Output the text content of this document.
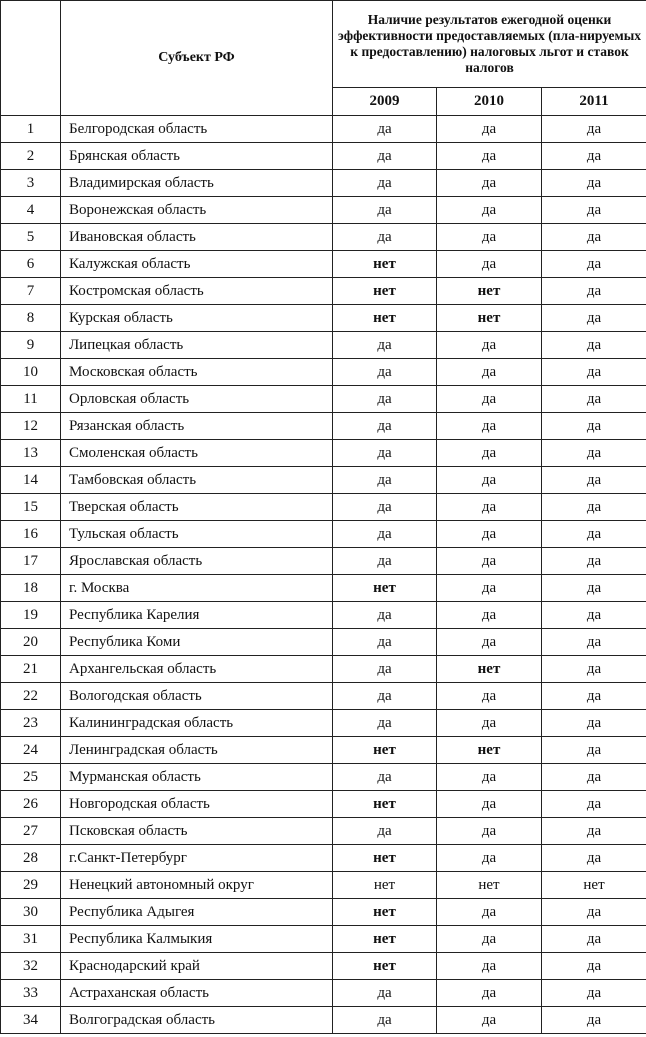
	Субъект РФ	Наличие результатов ежегодной оценки эффективности предоставляемых (пла-нируемых к предоставлению) налоговых льгот и ставок налогов		
		2009	2010	2011
1	Белгородская область	да	да	да
2	Брянская область	да	да	да
3	Владимирская область	да	да	да
4	Воронежская область	да	да	да
5	Ивановская область	да	да	да
6	Калужская область	нет	да	да
7	Костромская область	нет	нет	да
8	Курская область	нет	нет	да
9	Липецкая область	да	да	да
10	Московская область	да	да	да
11	Орловская область	да	да	да
12	Рязанская область	да	да	да
13	Смоленская область	да	да	да
14	Тамбовская область	да	да	да
15	Тверская область	да	да	да
16	Тульская область	да	да	да
17	Ярославская область	да	да	да
18	г. Москва	нет	да	да
19	Республика Карелия	да	да	да
20	Республика Коми	да	да	да
21	Архангельская область	да	нет	да
22	Вологодская область	да	да	да
23	Калининградская область	да	да	да
24	Ленинградская область	нет	нет	да
25	Мурманская область	да	да	да
26	Новгородская область	нет	да	да
27	Псковская область	да	да	да
28	г.Санкт-Петербург	нет	да	да
29	Ненецкий автономный округ	нет	нет	нет
30	Республика Адыгея	нет	да	да
31	Республика Калмыкия	нет	да	да
32	Краснодарский край	нет	да	да
33	Астраханская область	да	да	да
34	Волгоградская область	да	да	да
